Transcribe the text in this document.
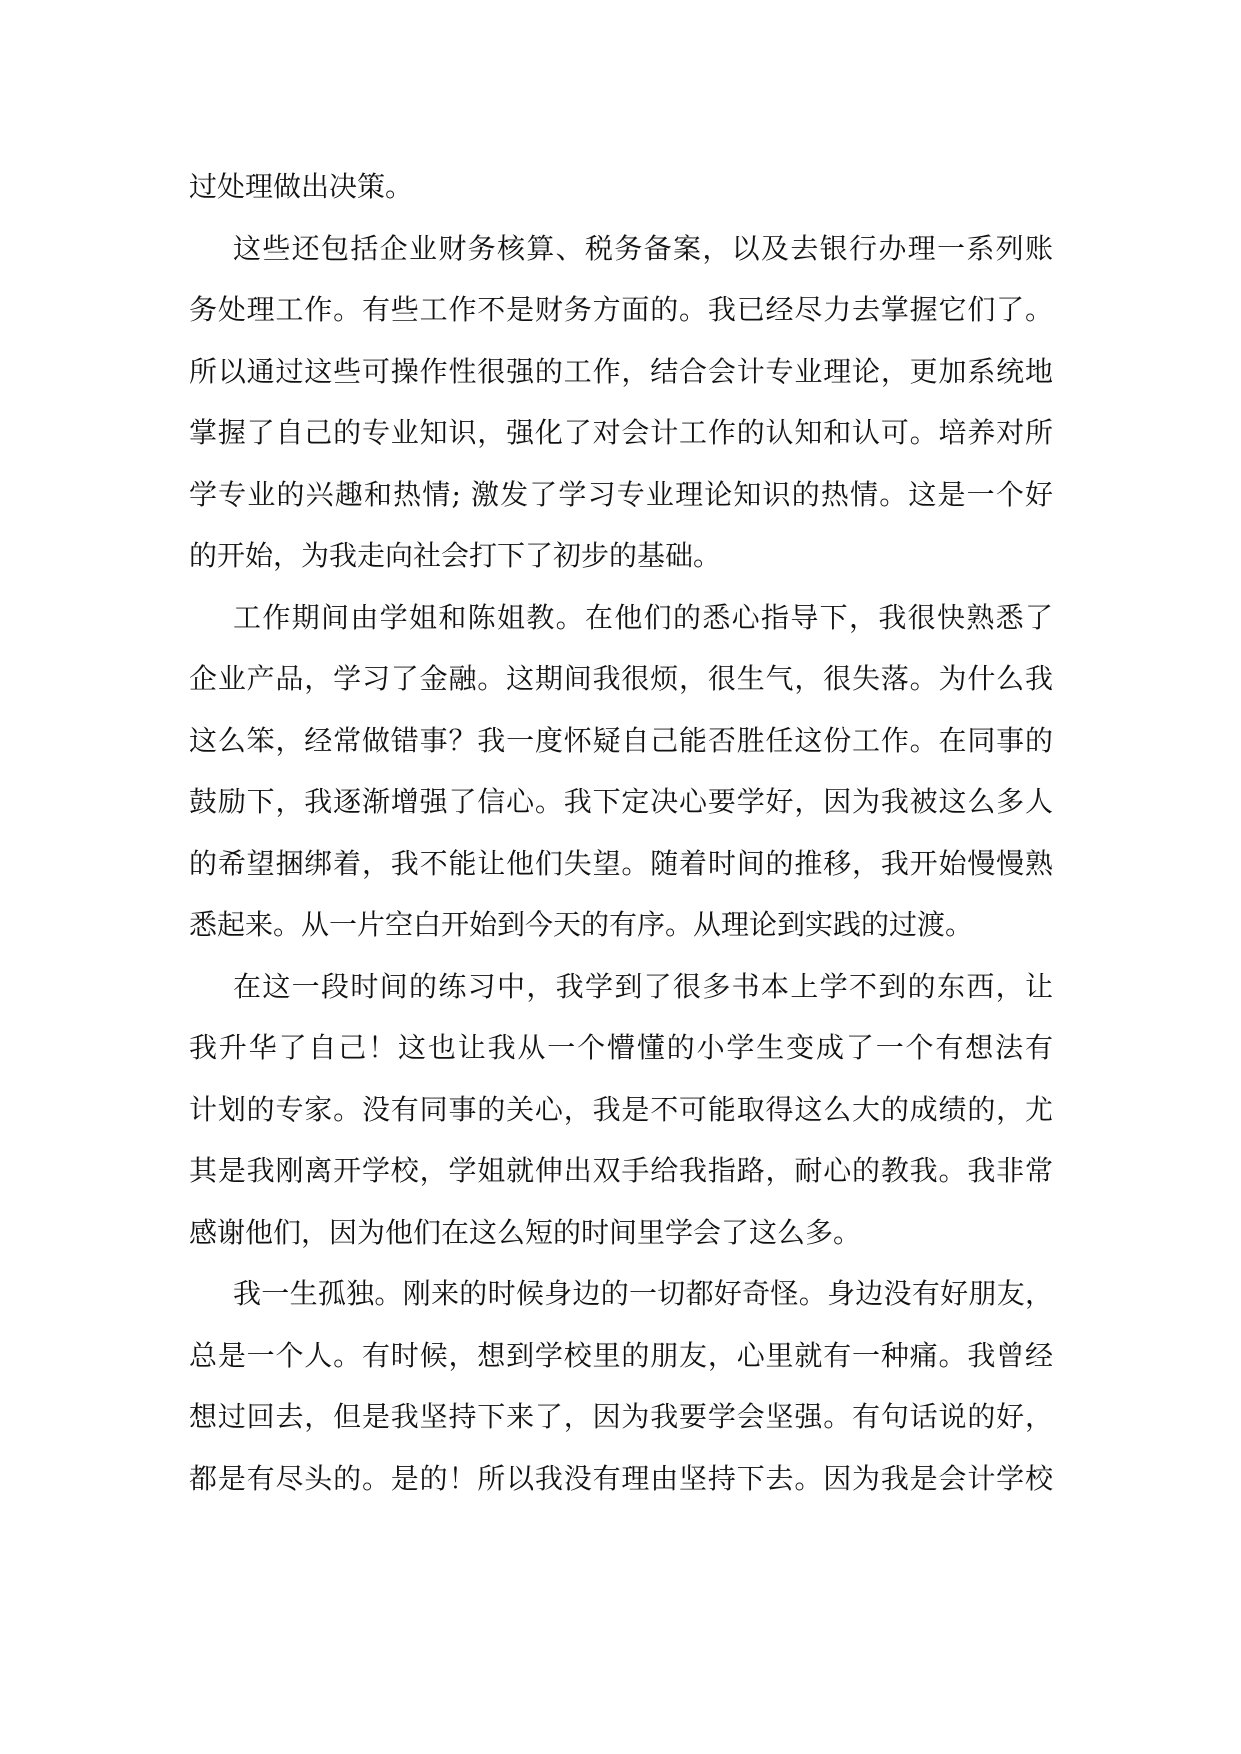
过处理做出决策。
这些还包括企业财务核算、税务备案，以及去银行办理一系列账
务处理工作。有些工作不是财务方面的。我已经尽力去掌握它们了。
所以通过这些可操作性很强的工作，结合会计专业理论，更加系统地
掌握了自己的专业知识，强化了对会计工作的认知和认可。培养对所
学专业的兴趣和热情; 激发了学习专业理论知识的热情。这是一个好
的开始，为我走向社会打下了初步的基础。
工作期间由学姐和陈姐教。在他们的悉心指导下，我很快熟悉了
企业产品，学习了金融。这期间我很烦，很生气，很失落。为什么我
这么笨，经常做错事？我一度怀疑自己能否胜任这份工作。在同事的
鼓励下，我逐渐增强了信心。我下定决心要学好，因为我被这么多人
的希望捆绑着，我不能让他们失望。随着时间的推移，我开始慢慢熟
悉起来。从一片空白开始到今天的有序。从理论到实践的过渡。
在这一段时间的练习中，我学到了很多书本上学不到的东西，让
我升华了自己！这也让我从一个懵懂的小学生变成了一个有想法有
计划的专家。没有同事的关心，我是不可能取得这么大的成绩的，尤
其是我刚离开学校，学姐就伸出双手给我指路，耐心的教我。我非常
感谢他们，因为他们在这么短的时间里学会了这么多。
我一生孤独。刚来的时候身边的一切都好奇怪。身边没有好朋友，
总是一个人。有时候，想到学校里的朋友，心里就有一种痛。我曾经
想过回去，但是我坚持下来了，因为我要学会坚强。有句话说的好，
都是有尽头的。是的！所以我没有理由坚持下去。因为我是会计学校
